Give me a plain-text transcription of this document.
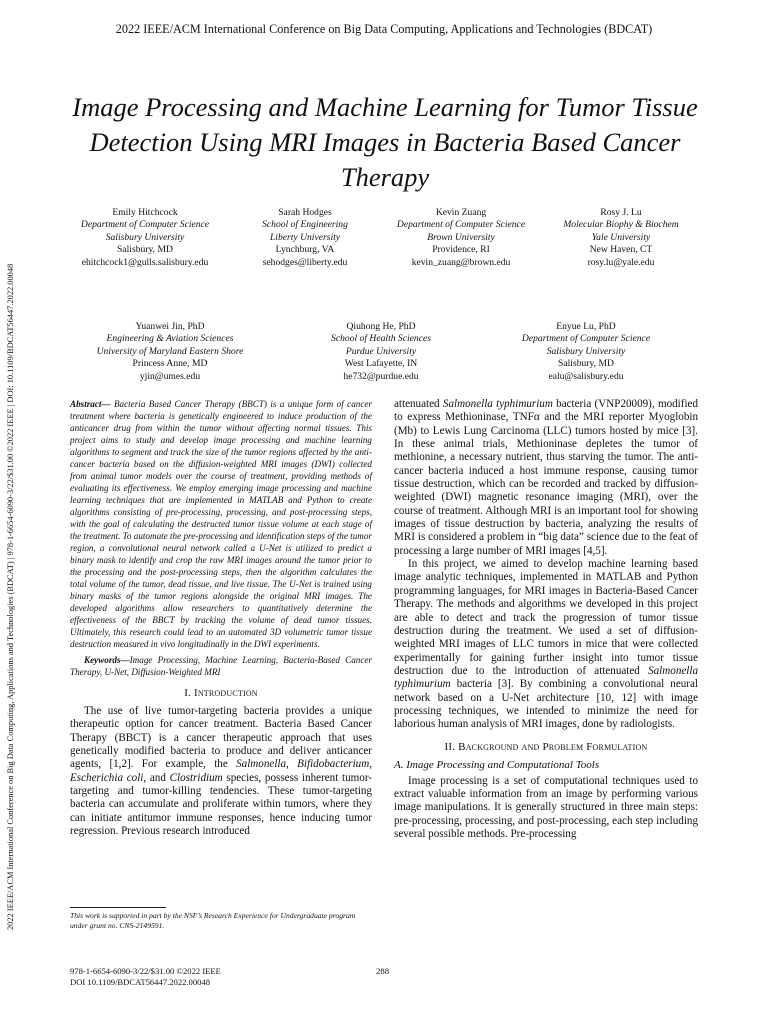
2022 IEEE/ACM International Conference on Big Data Computing, Applications and Technologies (BDCAT)
2022 IEEE/ACM International Conference on Big Data Computing, Applications and Technologies (BDCAT) | 978-1-6654-6090-3/22/$31.00 ©2022 IEEE | DOI: 10.1109/BDCAT56447.2022.00048
Image Processing and Machine Learning for Tumor Tissue Detection Using MRI Images in Bacteria Based Cancer Therapy
Emily Hitchcock
Department of Computer Science
Salisbury University
Salisbury, MD
ehitchcock1@gulls.salisbury.edu
Sarah Hodges
School of Engineering
Liberty University
Lynchburg, VA
sehodges@liberty.edu
Kevin Zuang
Department of Computer Science
Brown University
Providence, RI
kevin_zuang@brown.edu
Rosy J. Lu
Molecular Biophy & Biochem
Yale University
New Haven, CT
rosy.lu@yale.edu
Yuanwei Jin, PhD
Engineering & Aviation Sciences
University of Maryland Eastern Shore
Princess Anne, MD
yjin@umes.edu
Qiuhong He, PhD
School of Health Sciences
Purdue University
West Lafayette, IN
he732@purdue.edu
Enyue Lu, PhD
Department of Computer Science
Salisbury University
Salisbury, MD
ealu@salisbury.edu

Abstract— Bacteria Based Cancer Therapy (BBCT) is a unique form of cancer treatment where bacteria is genetically engineered to induce production of the anticancer drug from within the tumor without affecting normal tissues. This project aims to study and develop image processing and machine learning algorithms to segment and track the size of the tumor regions affected by the anti-cancer bacteria based on the diffusion-weighted MRI images (DWI) collected from animal tumor models over the course of treatment, providing methods of evaluating its effectiveness. We employ emerging image processing and machine learning techniques that are implemented in MATLAB and Python to create algorithms consisting of pre-processing, processing, and post-processing steps, with the goal of calculating the destructed tumor tissue volume at each stage of the treatment. To automate the pre-processing and identification steps of the tumor region, a convolutional neural network called a U-Net is utilized to predict a binary mask to identify and crop the raw MRI images around the tumor prior to the processing and the post-processing steps, then the algorithm calculates the total volume of the tumor, dead tissue, and live tissue. The U-Net is trained using binary masks of the tumor regions alongside the original MRI images. The developed algorithms allow researchers to quantitatively determine the effectiveness of the BBCT by tracking the volume of dead tumor tissues. Ultimately, this research could lead to an automated 3D volumetric tumor tissue destruction measured in vivo longitudinally in the DWI experiments.

Keywords—Image Processing, Machine Learning, Bacteria-Based Cancer Therapy, U-Net, Diffusion-Weighted MRI

I. Introduction

The use of live tumor-targeting bacteria provides a unique therapeutic option for cancer treatment. Bacteria Based Cancer Therapy (BBCT) is a cancer therapeutic approach that uses genetically modified bacteria to produce and deliver anticancer agents, [1,2]. For example, the Salmonella, Bifidobacterium, Escherichia coli, and Clostridium species, possess inherent tumor-targeting and tumor-killing tendencies. These tumor-targeting bacteria can accumulate and proliferate within tumors, where they can initiate antitumor immune responses, hence inducing tumor regression. Previous research introduced

attenuated Salmonella typhimurium bacteria (VNP20009), modified to express Methioninase, TNFα and the MRI reporter Myoglobin (Mb) to Lewis Lung Carcinoma (LLC) tumors hosted by mice [3]. In these animal trials, Methioninase depletes the tumor of methionine, a necessary nutrient, thus starving the tumor. The anti-cancer bacteria induced a host immune response, causing tumor tissue destruction, which can be recorded and tracked by diffusion-weighted (DWI) magnetic resonance imaging (MRI), over the course of treatment. Although MRI is an important tool for showing images of tissue destruction by bacteria, analyzing the results of MRI is considered a problem in “big data” science due to the feat of processing a large number of MRI images [4,5].

In this project, we aimed to develop machine learning based image analytic techniques, implemented in MATLAB and Python programming languages, for MRI images in Bacteria-Based Cancer Therapy. The methods and algorithms we developed in this project are able to detect and track the progression of tumor tissue destruction during the treatment. We used a set of diffusion-weighted MRI images of LLC tumors in mice that were collected experimentally for gaining further insight into tumor tissue destruction due to the introduction of attenuated Salmonella typhimurium bacteria [3]. By combining a convolutional neural network based on a U-Net architecture [10, 12] with image processing techniques, we intended to minimize the need for laborious human analysis of MRI images, done by radiologists.

II. Background and Problem Formulation
A. Image Processing and Computational Tools

Image processing is a set of computational techniques used to extract valuable information from an image by performing various image manipulations. It is generally structured in three main steps: pre-processing, processing, and post-processing, each step including several possible methods. Pre-processing

This work is supported in part by the NSF’s Research Experience for Undergraduate program under grant no. CNS-2149591.
978-1-6654-6090-3/22/$31.00 ©2022 IEEE
DOI 10.1109/BDCAT56447.2022.00048
288
